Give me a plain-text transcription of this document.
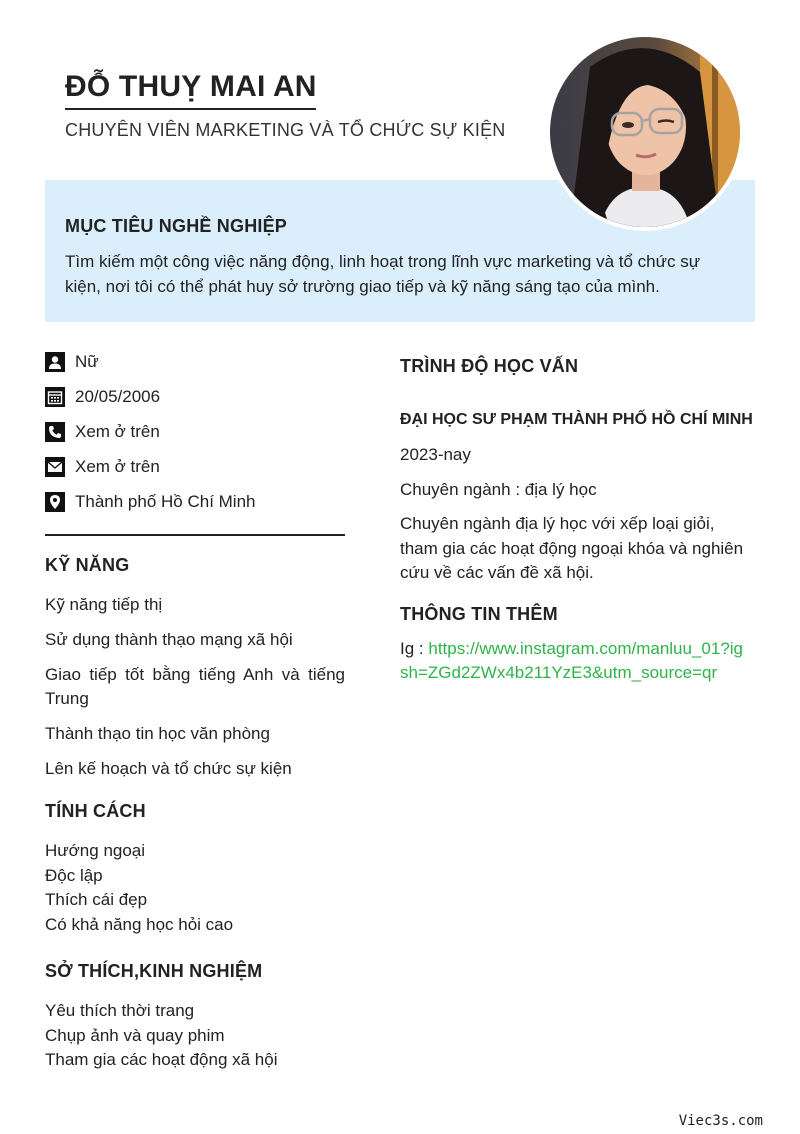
ĐỖ THUỴ MAI AN
CHUYÊN VIÊN MARKETING VÀ TỔ CHỨC SỰ KIỆN
MỤC TIÊU NGHỀ NGHIỆP

Tìm kiếm một công việc năng động, linh hoạt trong lĩnh vực marketing và tổ chức sự kiện, nơi tôi có thể phát huy sở trường giao tiếp và kỹ năng sáng tạo của mình.

Nữ
20/05/2006
Xem ở trên
Xem ở trên
Thành phố Hồ Chí Minh
KỸ NĂNG
Kỹ năng tiếp thị
Sử dụng thành thạo mạng xã hội
Giao tiếp tốt bằng tiếng Anh và tiếng Trung
Thành thạo tin học văn phòng
Lên kế hoạch và tổ chức sự kiện
TÍNH CÁCH
Hướng ngoại
Độc lập
Thích cái đẹp
Có khả năng học hỏi cao
SỞ THÍCH,KINH NGHIỆM
Yêu thích thời trang
Chụp ảnh và quay phim
Tham gia các hoạt động xã hội
TRÌNH ĐỘ HỌC VẤN
ĐẠI HỌC SƯ PHẠM THÀNH PHỐ HỒ CHÍ MINH
2023-nay
Chuyên ngành : địa lý học
Chuyên ngành địa lý học với xếp loại giỏi, tham gia các hoạt động ngoại khóa và nghiên cứu về các vấn đề xã hội.
THÔNG TIN THÊM
Ig : https://www.instagram.com/manluu_01?igsh=ZGd2ZWx4b211YzE3&utm_source=qr
Viec3s.com
